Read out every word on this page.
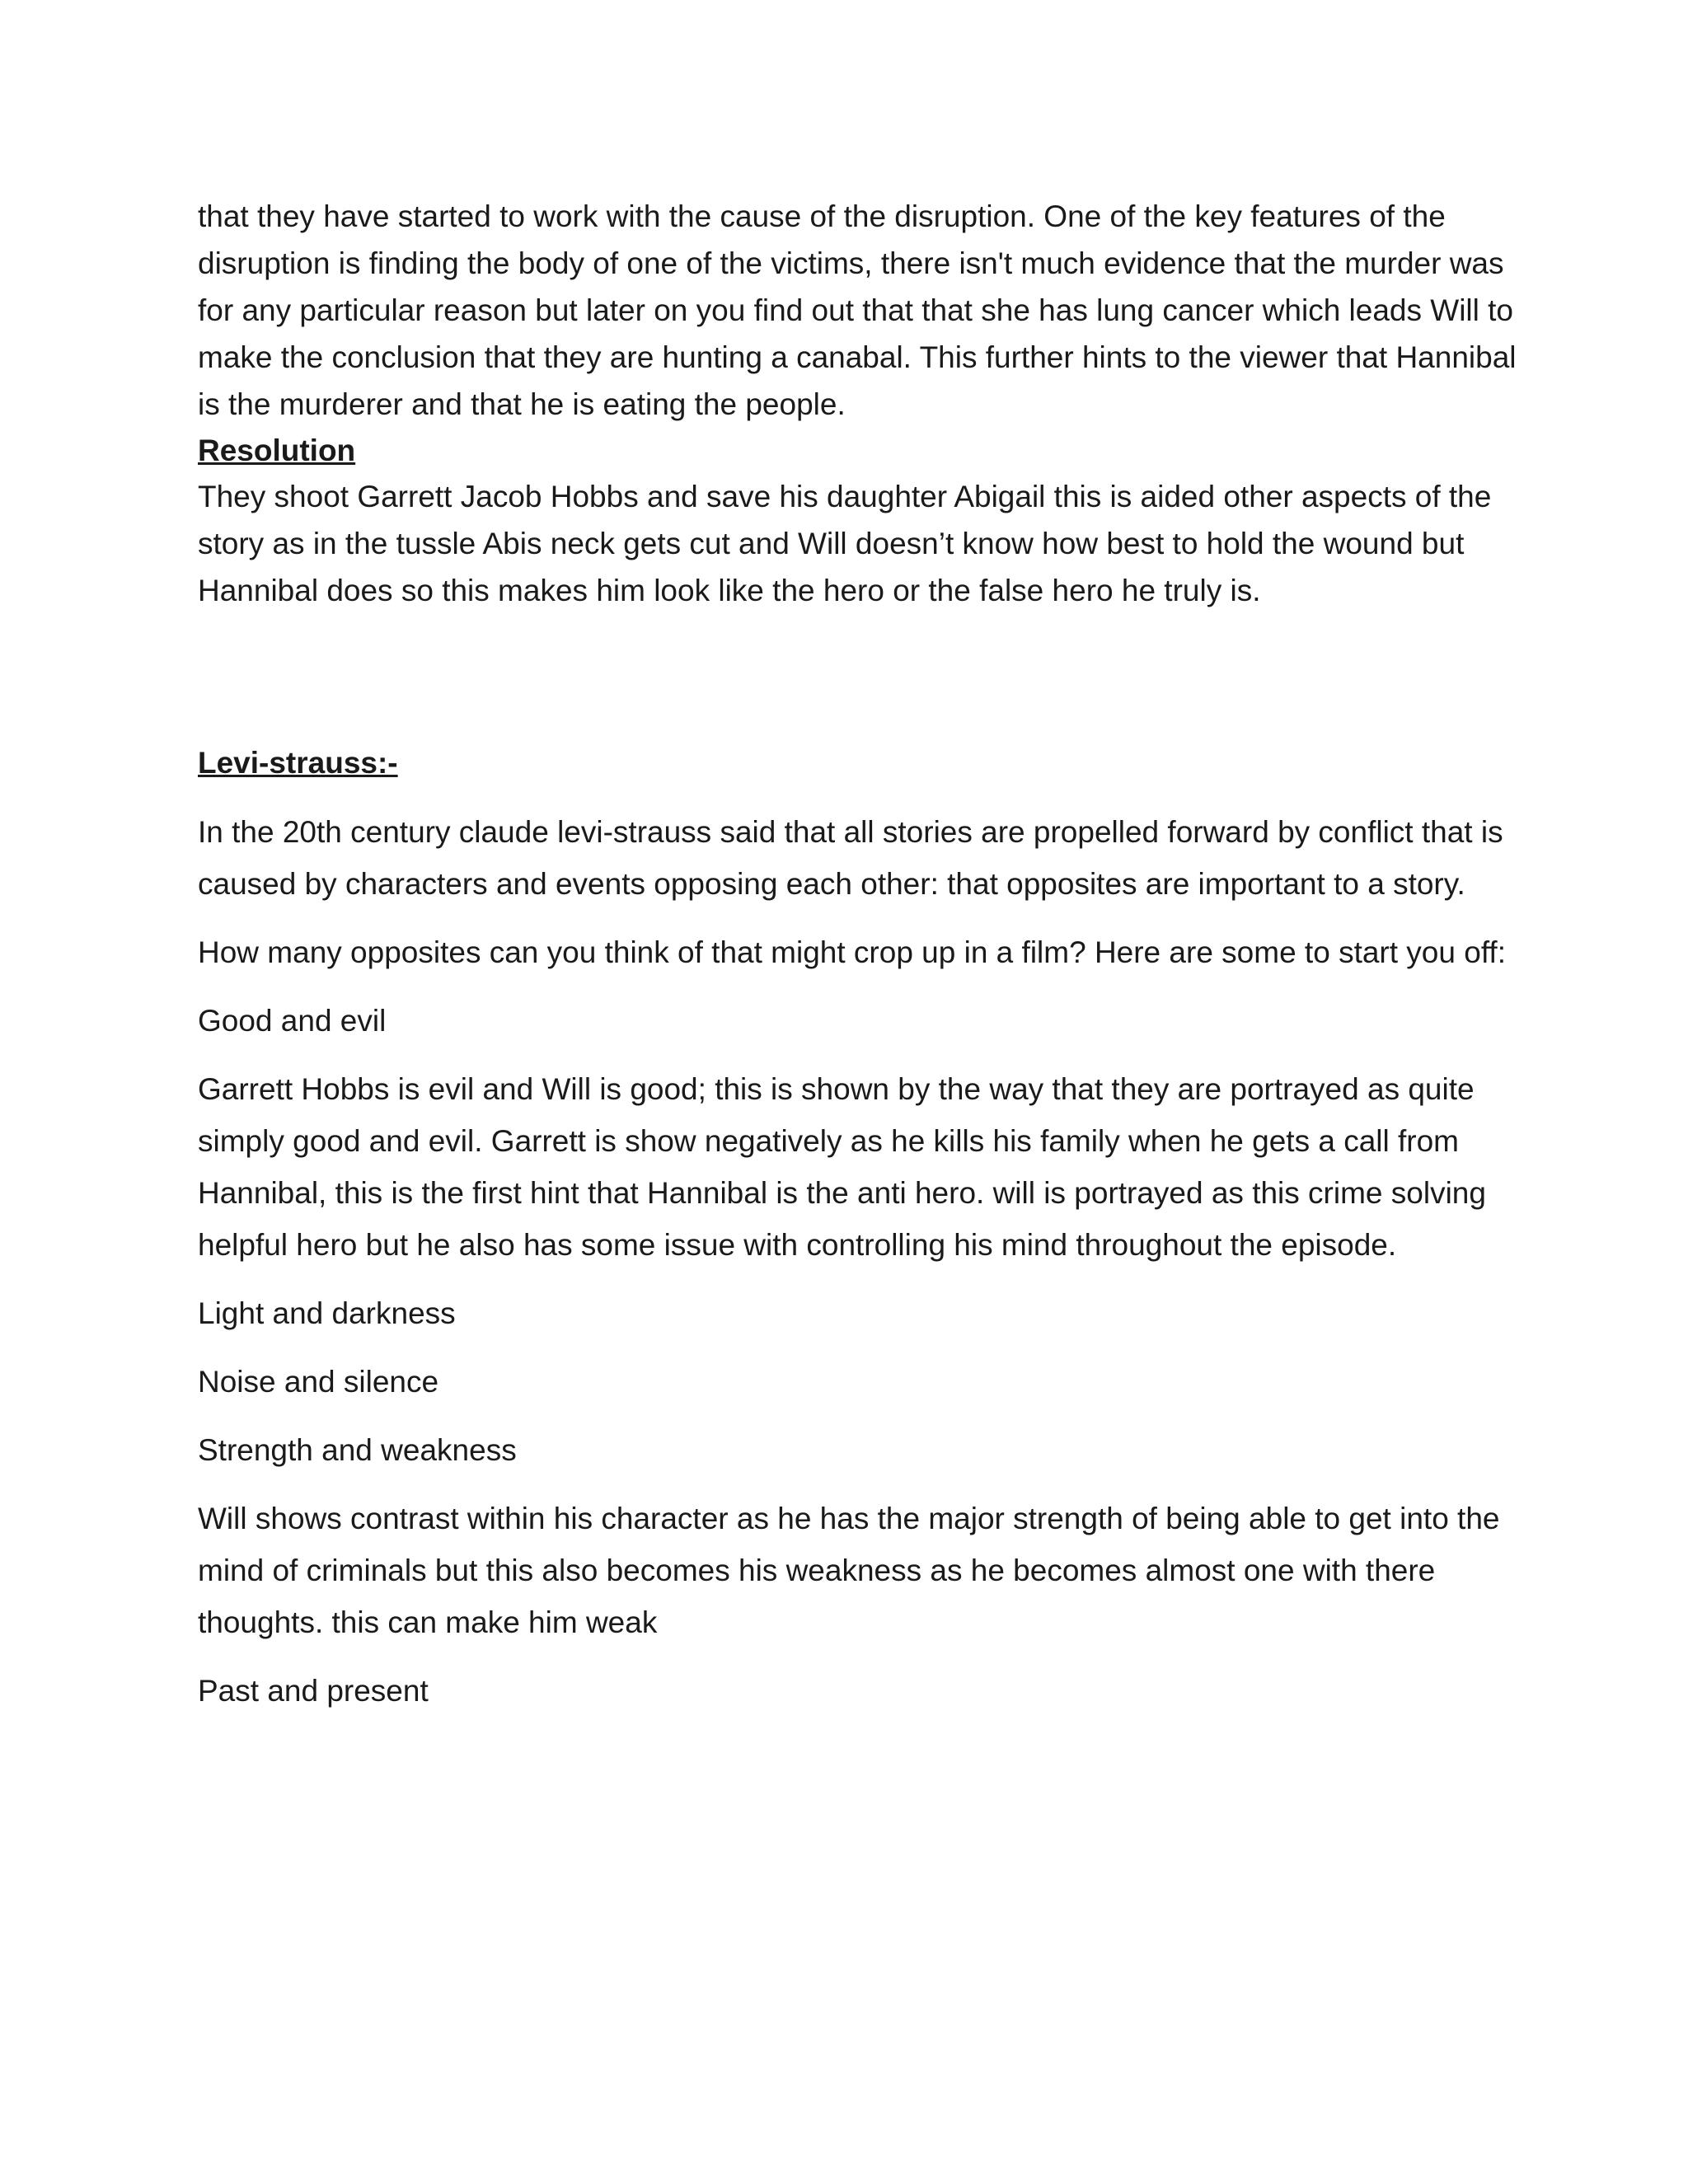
that they have started to work with the cause of the disruption. One of the key features of the disruption is finding the body of one of the victims, there isn't much evidence that the murder was for any particular reason but later on you find out that that she has lung cancer which leads Will to make the conclusion that they are hunting a canabal. This further hints to the viewer that Hannibal is the murderer and that he is eating the people.

Resolution

They shoot Garrett Jacob Hobbs and save his daughter Abigail this is aided other aspects of the story as in the tussle Abis neck gets cut and Will doesn’t know how best to hold the wound but Hannibal does so this makes him look like the hero or the false hero he truly is.

Levi-strauss:-

In the 20th century claude levi-strauss said that all stories are propelled forward by conflict that is caused by characters and events opposing each other: that opposites are important to a story.

How many opposites can you think of that might crop up in a film? Here are some to start you off:

Good and evil

Garrett Hobbs is evil and Will is good; this is shown by the way that they are portrayed as quite simply good and evil. Garrett is show negatively as he kills his family when he gets a call from Hannibal, this is the first hint that Hannibal is the anti hero. will is portrayed as this crime solving helpful hero but he also has some issue with controlling his mind throughout the episode.

Light and darkness

Noise and silence

Strength and weakness

Will shows contrast within his character as he has the major strength of being able to get into the mind of criminals but this also becomes his weakness as he becomes almost one with there thoughts. this can make him weak

Past and present
